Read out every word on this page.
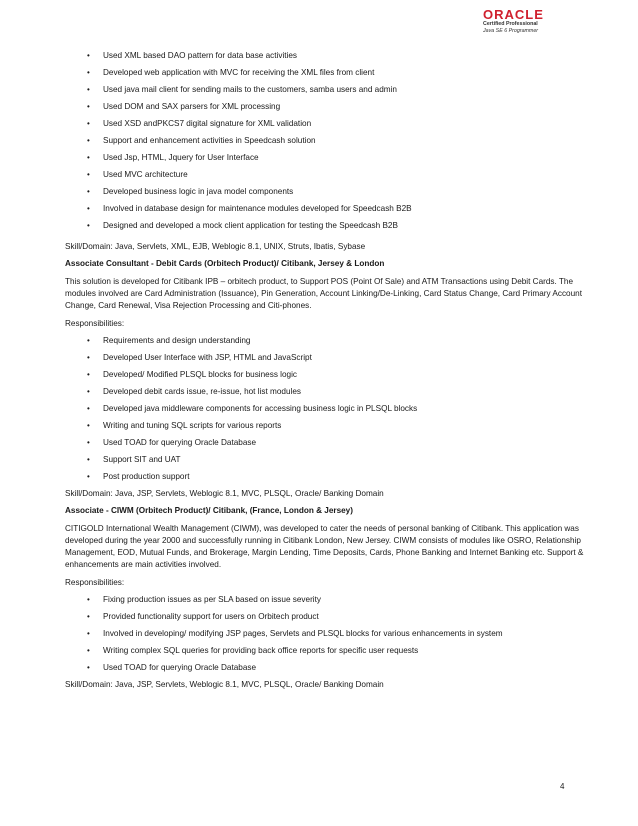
ORACLE
Certified Professional
Java SE 6 Programmer
• Used XML based DAO pattern for data base activities
• Developed web application with MVC for receiving the XML files from client
• Used java mail client for sending mails to the customers, samba users and admin
• Used DOM and SAX parsers for XML processing
• Used XSD andPKCS7 digital signature for XML validation
• Support and enhancement activities in Speedcash solution
• Used Jsp, HTML, Jquery for User Interface
• Used MVC architecture
• Developed business logic in java model components
• Involved in database design for maintenance modules developed for Speedcash B2B
• Designed and developed a mock client application for testing the Speedcash B2B
Skill/Domain: Java, Servlets, XML, EJB, Weblogic 8.1, UNIX, Struts, Ibatis, Sybase
Associate Consultant - Debit Cards (Orbitech Product)/ Citibank, Jersey & London

This solution is developed for Citibank IPB – orbitech product, to Support POS (Point Of Sale) and ATM Transactions using Debit Cards. The modules involved are Card Administration (Issuance), Pin Generation, Account Linking/De-Linking, Card Status Change, Card Primary Account Change, Card Renewal, Visa Rejection Processing and Citi-phones.

Responsibilities:
• Requirements and design understanding
• Developed User Interface with JSP, HTML and JavaScript
• Developed/ Modified PLSQL blocks for business logic
• Developed debit cards issue, re-issue, hot list modules
• Developed java middleware components for accessing business logic in PLSQL blocks
• Writing and tuning SQL scripts for various reports
• Used TOAD for querying Oracle Database
• Support SIT and UAT
• Post production support
Skill/Domain: Java, JSP, Servlets, Weblogic 8.1, MVC, PLSQL, Oracle/ Banking Domain
Associate - CIWM (Orbitech Product)/ Citibank, (France, London & Jersey)

CITIGOLD International Wealth Management (CIWM), was developed to cater the needs of personal banking of Citibank. This application was developed during the year 2000 and successfully running in Citibank London, New Jersey. CIWM consists of modules like OSRO, Relationship Management, EOD, Mutual Funds, and Brokerage, Margin Lending, Time Deposits, Cards, Phone Banking and Internet Banking etc. Support & enhancements are main activities involved.

Responsibilities:
• Fixing production issues as per SLA based on issue severity
• Provided functionality support for users on Orbitech product
• Involved in developing/ modifying JSP pages, Servlets and PLSQL blocks for various enhancements in system
• Writing complex SQL queries for providing back office reports for specific user requests
• Used TOAD for querying Oracle Database
Skill/Domain: Java, JSP, Servlets, Weblogic 8.1, MVC, PLSQL, Oracle/ Banking Domain
4
